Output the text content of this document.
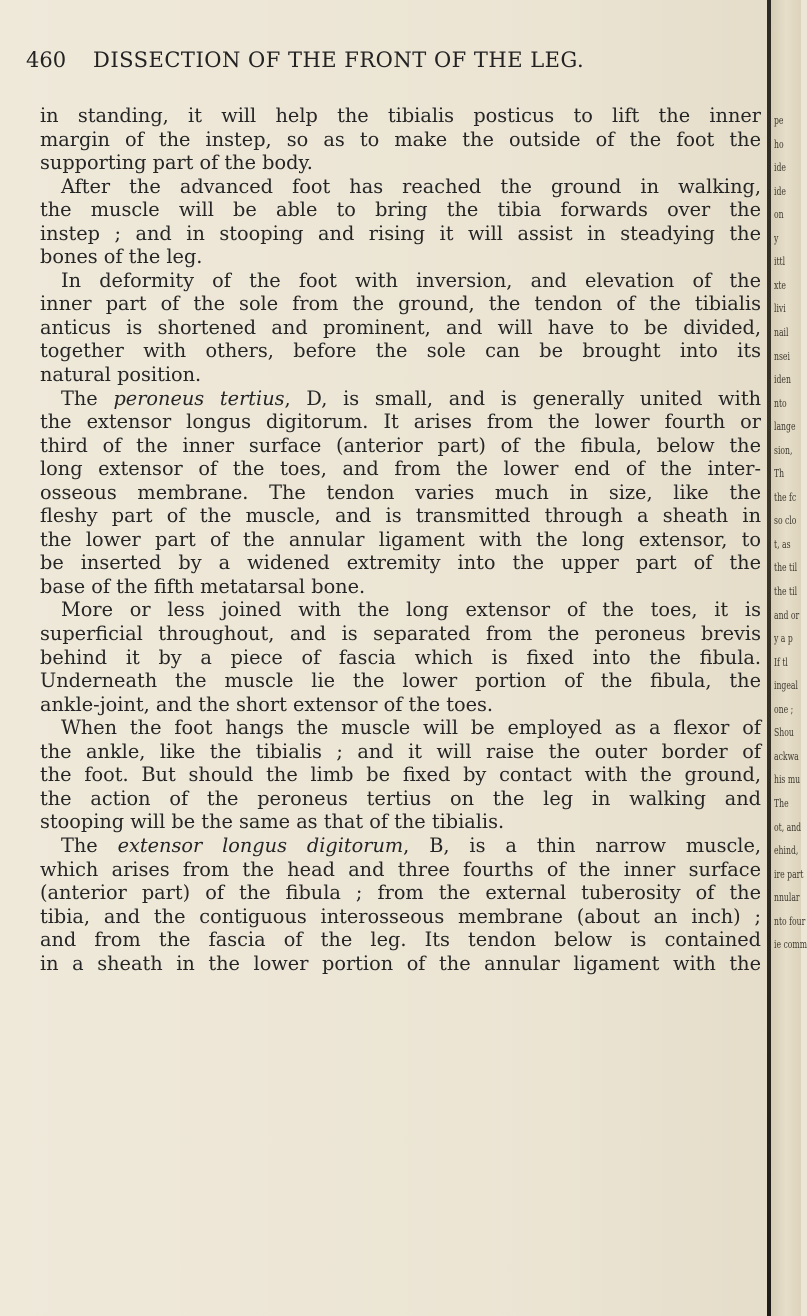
460 DISSECTION OF THE FRONT OF THE LEG.
in standing, it will help the tibialis posticus to lift the inner
margin of the instep, so as to make the outside of the foot the
supporting part of the body.
After the advanced foot has reached the ground in walking,
the muscle will be able to bring the tibia forwards over the
instep ; and in stooping and rising it will assist in steadying the
bones of the leg.
In deformity of the foot with inversion, and elevation of the
inner part of the sole from the ground, the tendon of the tibialis
anticus is shortened and prominent, and will have to be divided,
together with others, before the sole can be brought into its
natural position.
The peroneus tertius, D, is small, and is generally united with
the extensor longus digitorum. It arises from the lower fourth or
third of the inner surface (anterior part) of the fibula, below the
long extensor of the toes, and from the lower end of the inter-
osseous membrane. The tendon varies much in size, like the
fleshy part of the muscle, and is transmitted through a sheath in
the lower part of the annular ligament with the long extensor, to
be inserted by a widened extremity into the upper part of the
base of the fifth metatarsal bone.
More or less joined with the long extensor of the toes, it is
superficial throughout, and is separated from the peroneus brevis
behind it by a piece of fascia which is fixed into the fibula.
Underneath the muscle lie the lower portion of the fibula, the
ankle-joint, and the short extensor of the toes.
When the foot hangs the muscle will be employed as a flexor of
the ankle, like the tibialis ; and it will raise the outer border of
the foot. But should the limb be fixed by contact with the ground,
the action of the peroneus tertius on the leg in walking and
stooping will be the same as that of the tibialis.
The extensor longus digitorum, B, is a thin narrow muscle,
which arises from the head and three fourths of the inner surface
(anterior part) of the fibula ; from the external tuberosity of the
tibia, and the contiguous interosseous membrane (about an inch) ;
and from the fascia of the leg. Its tendon below is contained
in a sheath in the lower portion of the annular ligament with the
pe
ho
ide
ide
on
y
ittl
xte
livi
nail
nsei
iden
nto
lange
sion,
Th
the fc
so clo
t, as
the til
the til
and or
y a p
If tl
ingeal
one ;
Shou
ackwa
his mu
The
ot, and
ehind,
ire part
nnular
nto four
ie comm
